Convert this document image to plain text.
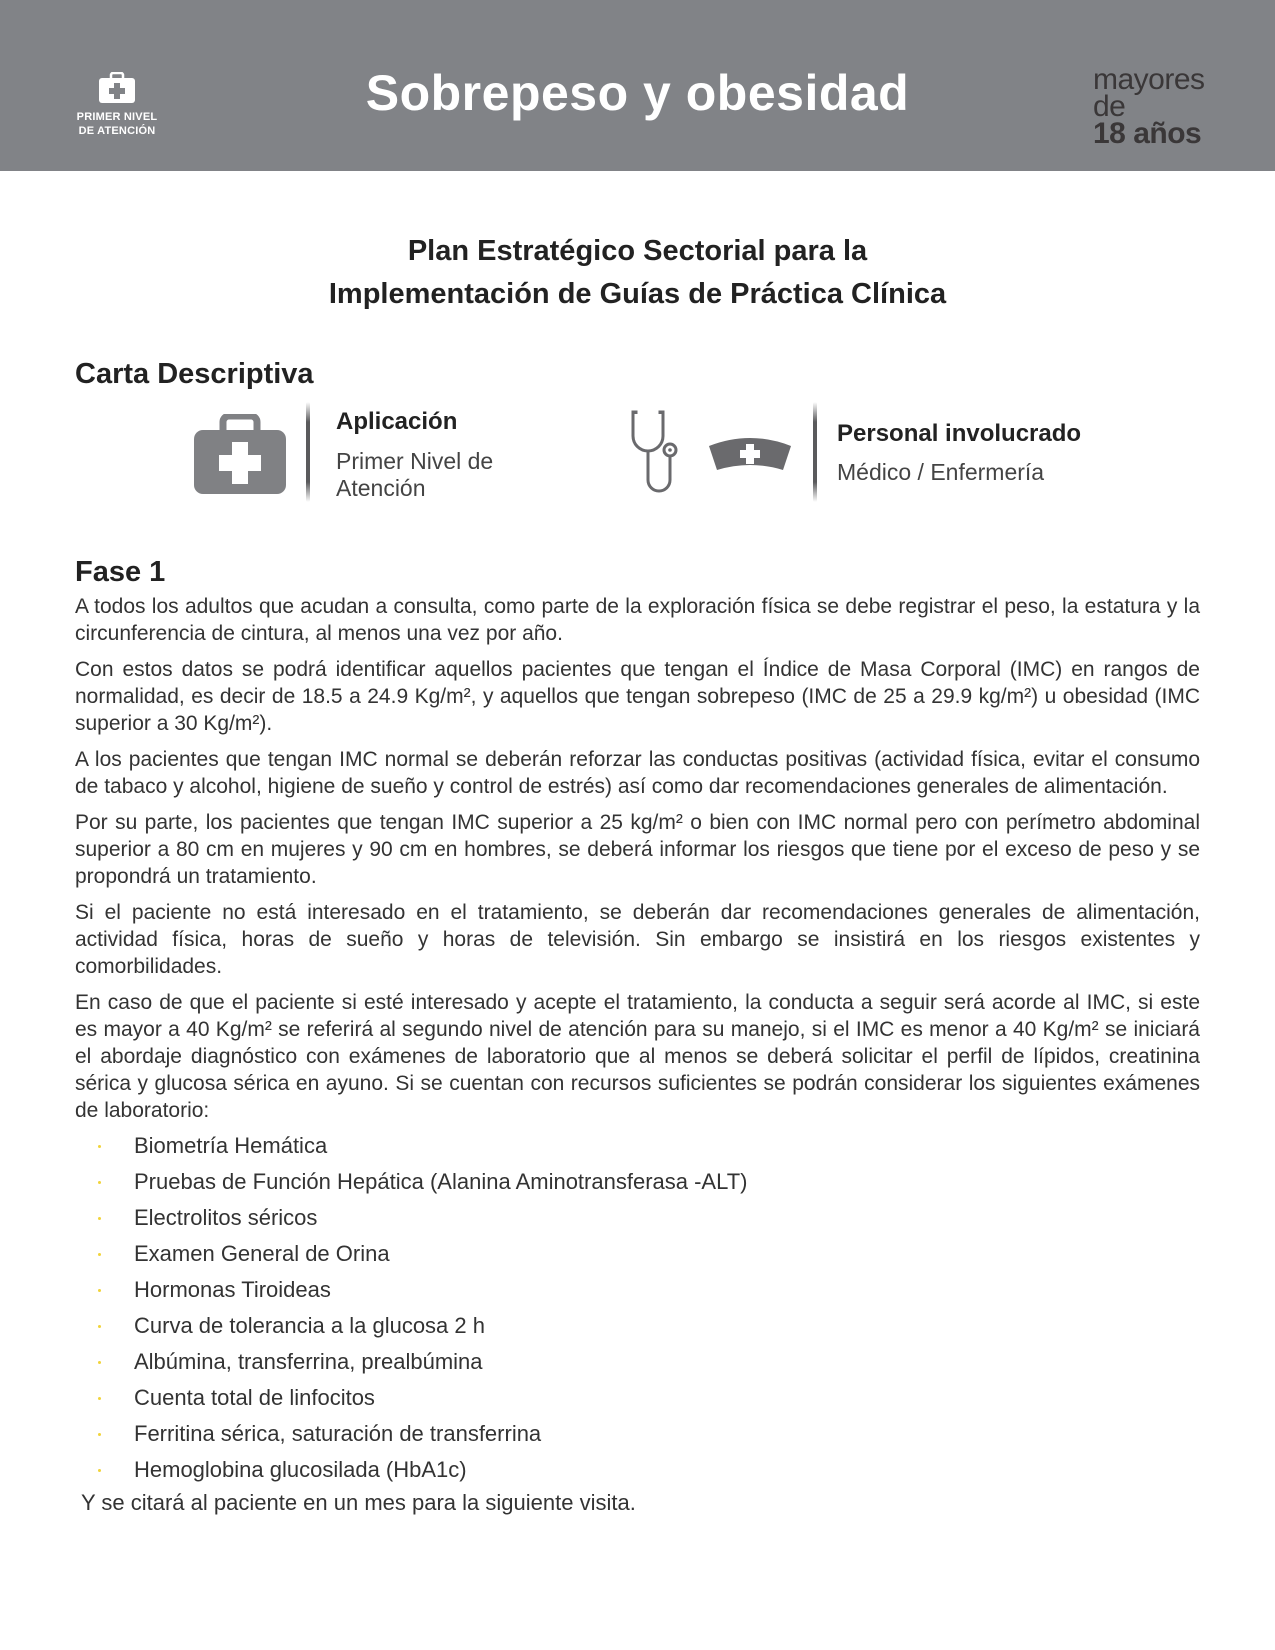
PRIMER NIVEL
DE ATENCIÓN
Sobrepeso y obesidad	mayores
de
18 años
Plan Estratégico Sectorial para la
Implementación de Guías de Práctica Clínica
Carta Descriptiva
Aplicación
Primer Nivel de
Atención
Personal involucrado
Médico / Enfermería
Fase 1

A todos los adultos que acudan a consulta, como parte de la exploración física se debe registrar el peso, la estatura y la circunferencia de cintura, al menos una vez por año.

Con estos datos se podrá identificar aquellos pacientes que tengan el Índice de Masa Corporal (IMC) en rangos de normalidad, es decir de 18.5 a 24.9 Kg/m², y aquellos que tengan sobrepeso (IMC de 25 a 29.9 kg/m²) u obesidad (IMC superior a 30 Kg/m²).

A los pacientes que tengan IMC normal se deberán reforzar las conductas positivas (actividad física, evitar el consumo de tabaco y alcohol, higiene de sueño y control de estrés) así como dar recomendaciones generales de alimentación.

Por su parte, los pacientes que tengan IMC superior a 25 kg/m² o bien con IMC normal pero con perímetro abdominal superior a 80 cm en mujeres y 90 cm en hombres, se deberá informar los riesgos que tiene por el exceso de peso y se propondrá un tratamiento.

Si el paciente no está interesado en el tratamiento, se deberán dar recomendaciones generales de alimentación, actividad física, horas de sueño y horas de televisión. Sin embargo se insistirá en los riesgos existentes y comorbilidades.

En caso de que el paciente si esté interesado y acepte el tratamiento, la conducta a seguir será acorde al IMC, si este es mayor a 40 Kg/m² se referirá al segundo nivel de atención para su manejo, si el IMC es menor a 40 Kg/m² se iniciará el abordaje diagnóstico con exámenes de laboratorio que al menos se deberá solicitar el perfil de lípidos, creatinina sérica y glucosa sérica en ayuno. Si se cuentan con recursos suficientes se podrán considerar los siguientes exámenes de laboratorio:

Biometría Hemática
Pruebas de Función Hepática (Alanina Aminotransferasa -ALT)
Electrolitos séricos
Examen General de Orina
Hormonas Tiroideas
Curva de tolerancia a la glucosa 2 h
Albúmina, transferrina, prealbúmina
Cuenta total de linfocitos
Ferritina sérica, saturación de transferrina
Hemoglobina glucosilada (HbA1c)
Y se citará al paciente en un mes para la siguiente visita.
